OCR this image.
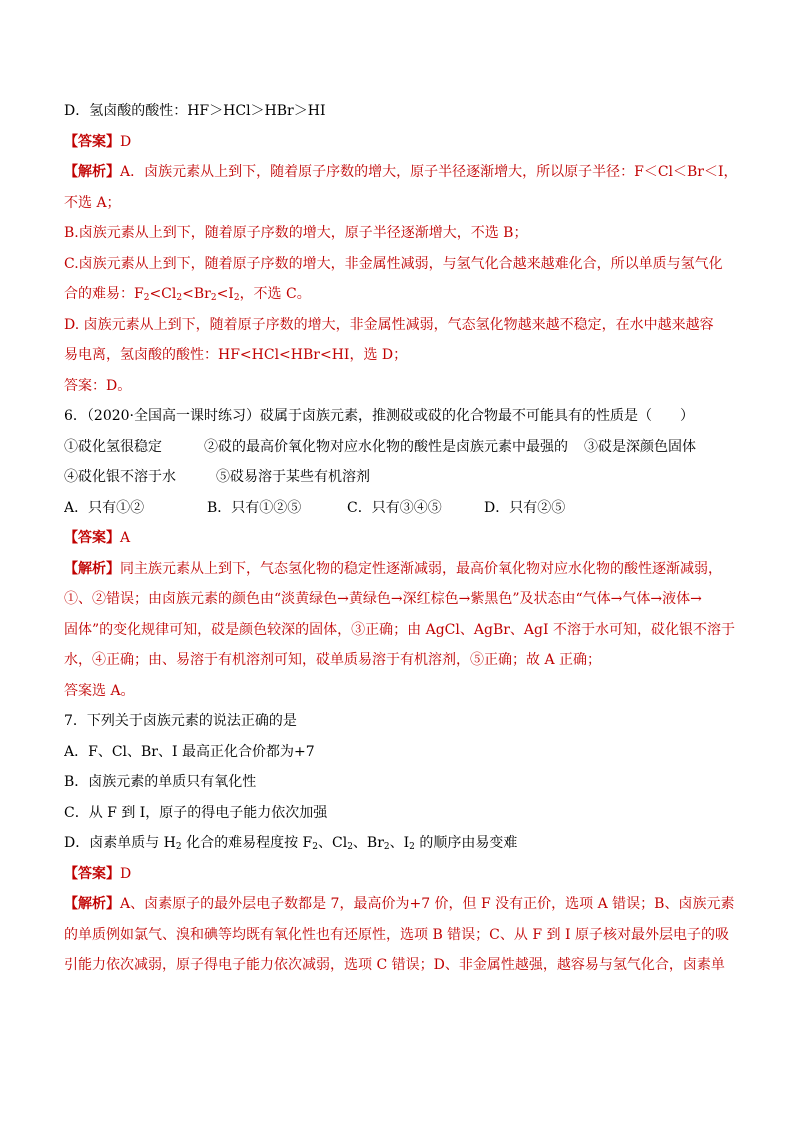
D．氢卤酸的酸性：HF＞HCl＞HBr＞HI
【答案】D
【解析】A．卤族元素从上到下，随着原子序数的增大，原子半径逐渐增大，所以原子半径：F＜Cl＜Br＜I，
不选 A；
B.卤族元素从上到下，随着原子序数的增大，原子半径逐渐增大，不选 B；
C.卤族元素从上到下，随着原子序数的增大，非金属性减弱，与氢气化合越来越难化合，所以单质与氢气化
合的难易：$F_2<Cl_2<Br_2<I_2$，不选 C。
D. 卤族元素从上到下，随着原子序数的增大，非金属性减弱，气态氢化物越来越不稳定，在水中越来越容
易电离，氢卤酸的酸性：HF<HCl<HBr<HI，选 D；
答案：D。
6．（2020·全国高一课时练习）砹属于卤族元素，推测砹或砹的化合物最不可能具有的性质是（　　）
①砹化氢很稳定	②砹的最高价氧化物对应水化物的酸性是卤族元素中最强的 ③砹是深颜色固体
④砹化银不溶于水	⑤砹易溶于某些有机溶剂
A．只有①②	B．只有①②⑤	C．只有③④⑤	D．只有②⑤
【答案】A
【解析】同主族元素从上到下，气态氢化物的稳定性逐渐减弱，最高价氧化物对应水化物的酸性逐渐减弱，
①、②错误；由卤族元素的颜色由“淡黄绿色→黄绿色→深红棕色→紫黑色”及状态由“气体→气体→液体→
固体”的变化规律可知，砹是颜色较深的固体，③正确；由 AgCl、AgBr、AgI 不溶于水可知，砹化银不溶于
水，④正确；由、易溶于有机溶剂可知，砹单质易溶于有机溶剂，⑤正确；故 A 正确；
答案选 A。
7．下列关于卤族元素的说法正确的是
A．F、Cl、Br、I 最高正化合价都为+7
B．卤族元素的单质只有氧化性
C．从 F 到 I，原子的得电子能力依次加强
D．卤素单质与 $H_2$ 化合的难易程度按 $F_2$、$Cl_2$、$Br_2$、$I_2$ 的顺序由易变难
【答案】D
【解析】A、卤素原子的最外层电子数都是 7，最高价为+7 价，但 F 没有正价，选项 A 错误；B、卤族元素
的单质例如氯气、溴和碘等均既有氧化性也有还原性，选项 B 错误；C、从 F 到 I 原子核对最外层电子的吸
引能力依次减弱，原子得电子能力依次减弱，选项 C 错误；D、非金属性越强，越容易与氢气化合，卤素单
